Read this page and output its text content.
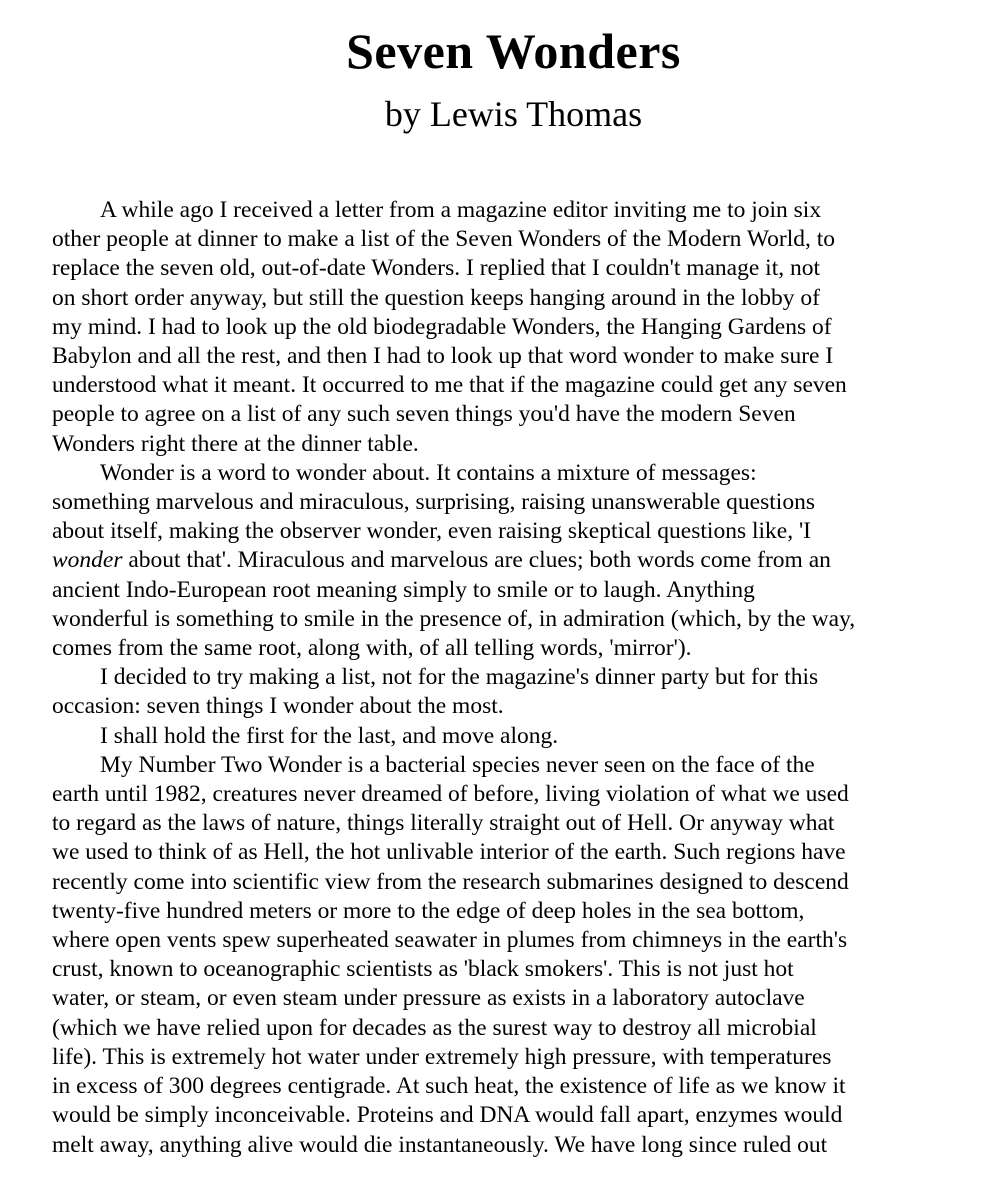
Seven Wonders
by Lewis Thomas

A while ago I received a letter from a magazine editor inviting me to join six
other people at dinner to make a list of the Seven Wonders of the Modern World, to
replace the seven old, out-of-date Wonders. I replied that I couldn't manage it, not
on short order anyway, but still the question keeps hanging around in the lobby of
my mind. I had to look up the old biodegradable Wonders, the Hanging Gardens of
Babylon and all the rest, and then I had to look up that word wonder to make sure I
understood what it meant. It occurred to me that if the magazine could get any seven
people to agree on a list of any such seven things you'd have the modern Seven
Wonders right there at the dinner table.

Wonder is a word to wonder about. It contains a mixture of messages:
something marvelous and miraculous, surprising, raising unanswerable questions
about itself, making the observer wonder, even raising skeptical questions like, 'I
wonder about that'. Miraculous and marvelous are clues; both words come from an
ancient Indo-European root meaning simply to smile or to laugh. Anything
wonderful is something to smile in the presence of, in admiration (which, by the way,
comes from the same root, along with, of all telling words, 'mirror').

I decided to try making a list, not for the magazine's dinner party but for this
occasion: seven things I wonder about the most.

I shall hold the first for the last, and move along.

My Number Two Wonder is a bacterial species never seen on the face of the
earth until 1982, creatures never dreamed of before, living violation of what we used
to regard as the laws of nature, things literally straight out of Hell. Or anyway what
we used to think of as Hell, the hot unlivable interior of the earth. Such regions have
recently come into scientific view from the research submarines designed to descend
twenty-five hundred meters or more to the edge of deep holes in the sea bottom,
where open vents spew superheated seawater in plumes from chimneys in the earth's
crust, known to oceanographic scientists as 'black smokers'. This is not just hot
water, or steam, or even steam under pressure as exists in a laboratory autoclave
(which we have relied upon for decades as the surest way to destroy all microbial
life). This is extremely hot water under extremely high pressure, with temperatures
in excess of 300 degrees centigrade. At such heat, the existence of life as we know it
would be simply inconceivable. Proteins and DNA would fall apart, enzymes would
melt away, anything alive would die instantaneously. We have long since ruled out
